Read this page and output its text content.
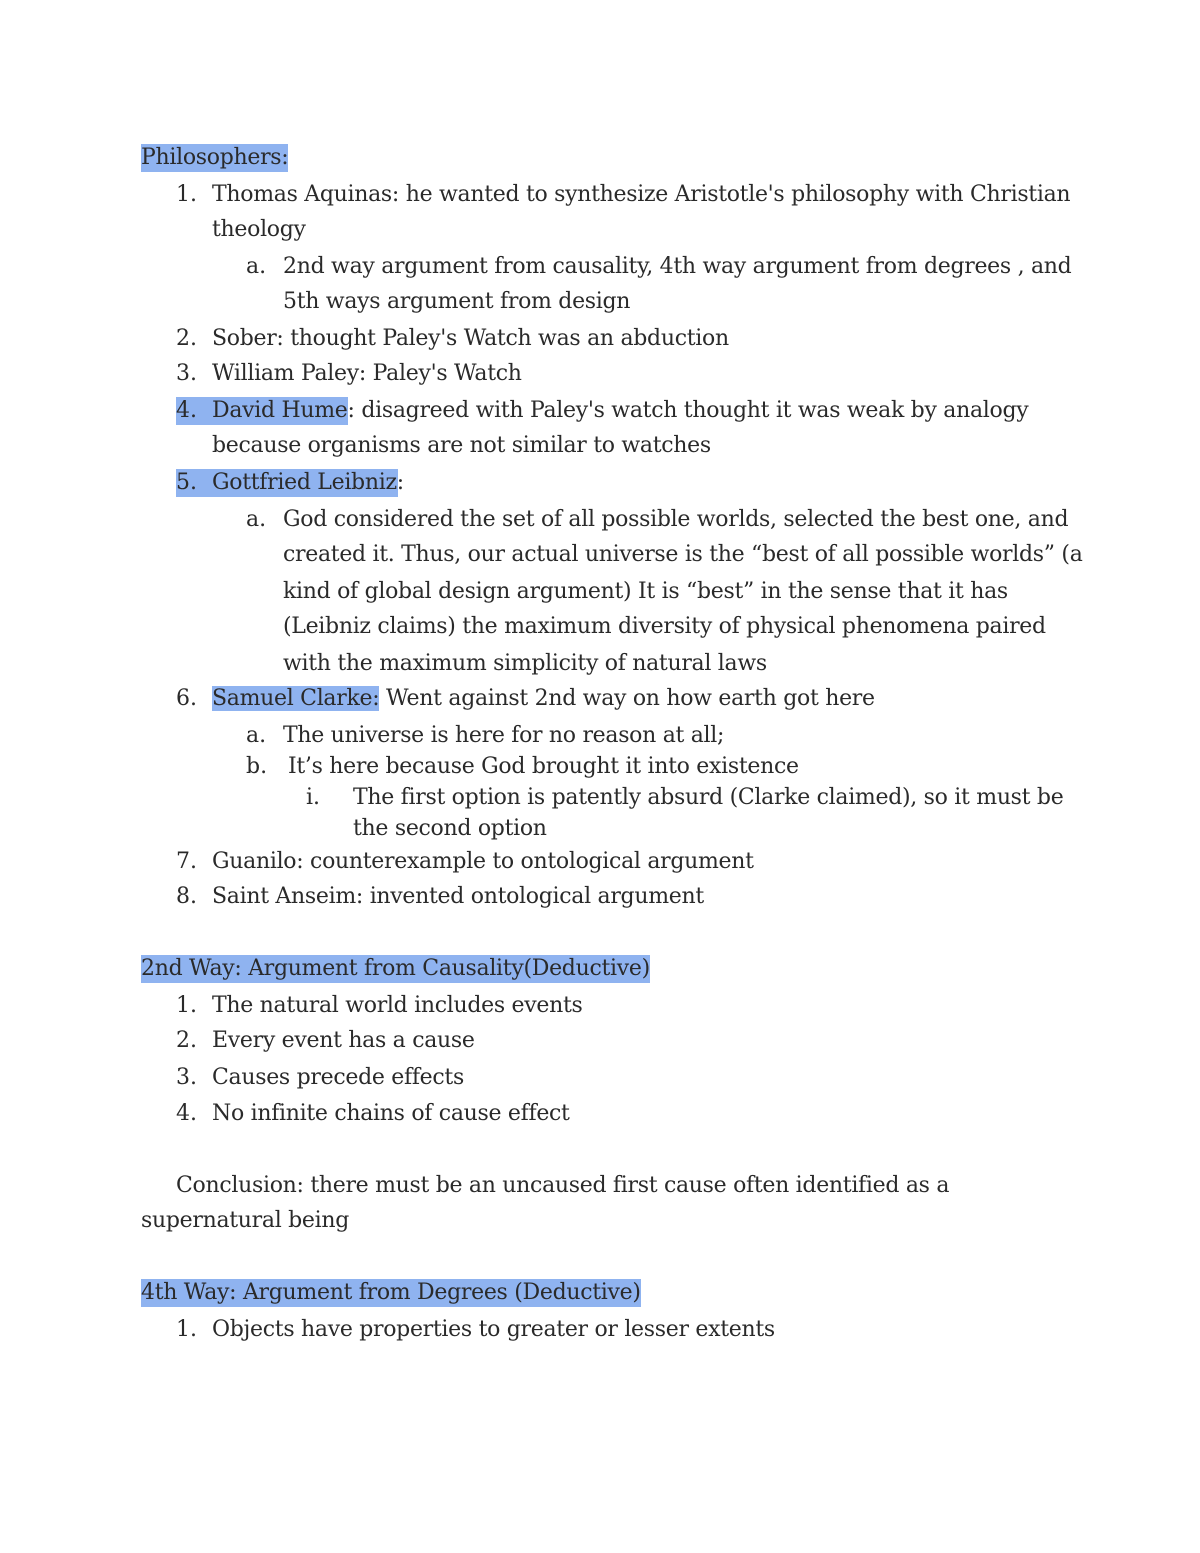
Philosophers:
1. Thomas Aquinas: he wanted to synthesize Aristotle's philosophy with Christian
theology
a. 2nd way argument from causality, 4th way argument from degrees , and
5th ways argument from design
2. Sober: thought Paley's Watch was an abduction
3. William Paley: Paley's Watch
4. David Hume: disagreed with Paley's watch thought it was weak by analogy
because organisms are not similar to watches
5. Gottfried Leibniz:
a. God considered the set of all possible worlds, selected the best one, and
created it. Thus, our actual universe is the “best of all possible worlds” (a
kind of global design argument) It is “best” in the sense that it has
(Leibniz claims) the maximum diversity of physical phenomena paired
with the maximum simplicity of natural laws
6. Samuel Clarke: Went against 2nd way on how earth got here
a. The universe is here for no reason at all;
b. It’s here because God brought it into existence
i. The first option is patently absurd (Clarke claimed), so it must be
the second option
7. Guanilo: counterexample to ontological argument
8. Saint Anseim: invented ontological argument
2nd Way: Argument from Causality(Deductive)
1. The natural world includes events
2. Every event has a cause
3. Causes precede effects
4. No infinite chains of cause effect
Conclusion: there must be an uncaused first cause often identified as a
supernatural being
4th Way: Argument from Degrees (Deductive)
1. Objects have properties to greater or lesser extents
